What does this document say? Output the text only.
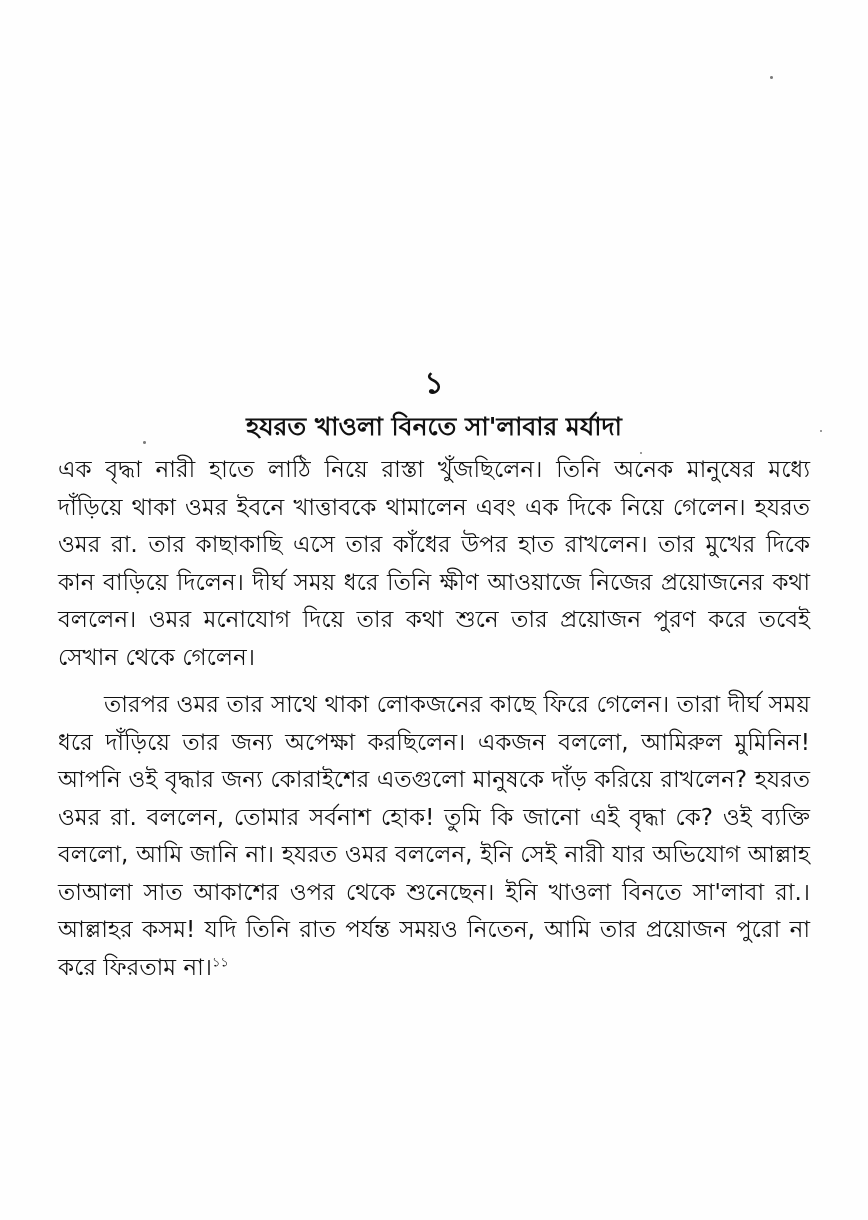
১
হযরত খাওলা বিনতে সা'লাবার মর্যাদা

এক বৃদ্ধা নারী হাতে লাঠি নিয়ে রাস্তা খুঁজছিলেন। তিনি অনেক মানুষের মধ্যে দাঁড়িয়ে থাকা ওমর ইবনে খাত্তাবকে থামালেন এবং এক দিকে নিয়ে গেলেন। হযরত ওমর রা. তার কাছাকাছি এসে তার কাঁধের উপর হাত রাখলেন। তার মুখের দিকে কান বাড়িয়ে দিলেন। দীর্ঘ সময় ধরে তিনি ক্ষীণ আওয়াজে নিজের প্রয়োজনের কথা বললেন। ওমর মনোযোগ দিয়ে তার কথা শুনে তার প্রয়োজন পুরণ করে তবেই সেখান থেকে গেলেন।

তারপর ওমর তার সাথে থাকা লোকজনের কাছে ফিরে গেলেন। তারা দীর্ঘ সময় ধরে দাঁড়িয়ে তার জন্য অপেক্ষা করছিলেন। একজন বললো, আমিরুল মুমিনিন! আপনি ওই বৃদ্ধার জন্য কোরাইশের এতগুলো মানুষকে দাঁড় করিয়ে রাখলেন? হযরত ওমর রা. বললেন, তোমার সর্বনাশ হোক! তুমি কি জানো এই বৃদ্ধা কে? ওই ব্যক্তি বললো, আমি জানি না। হযরত ওমর বললেন, ইনি সেই নারী যার অভিযোগ আল্লাহ তাআলা সাত আকাশের ওপর থেকে শুনেছেন। ইনি খাওলা বিনতে সা'লাবা রা.। আল্লাহর কসম! যদি তিনি রাত পর্যন্ত সময়ও নিতেন, আমি তার প্রয়োজন পুরো না করে ফিরতাম না।$^{১১}$
